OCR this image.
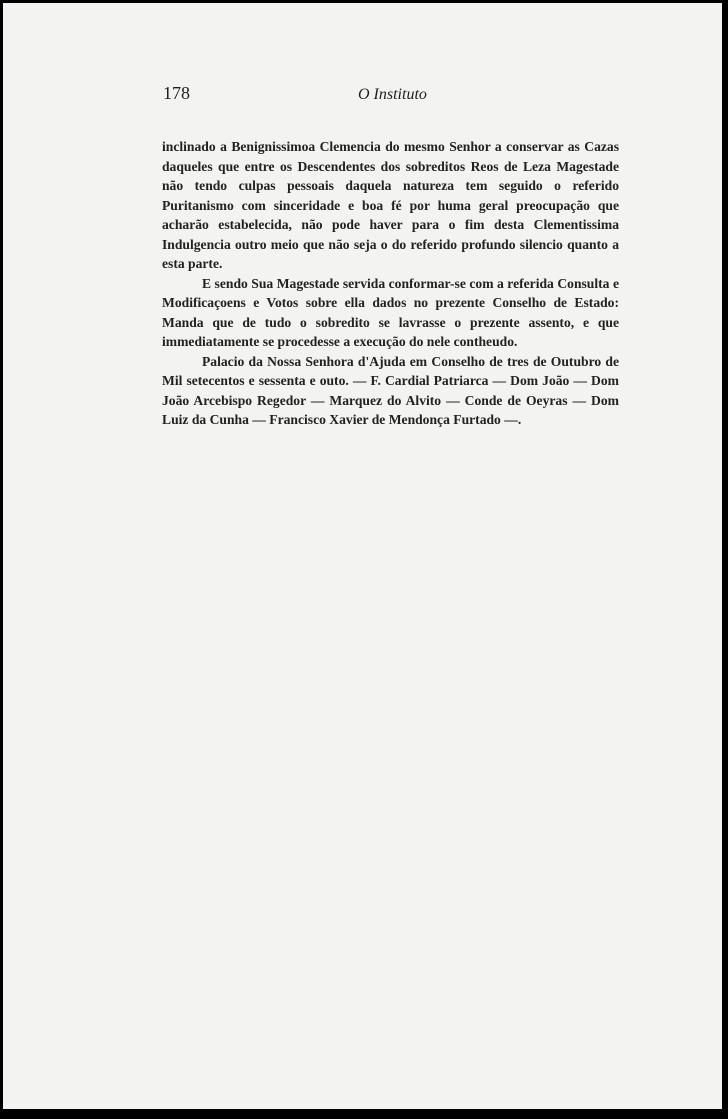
178	O Instituto

inclinado a Benignissimoa Clemencia do mesmo Senhor a conservar as Cazas daqueles que entre os Descendentes dos sobreditos Reos de Leza Magestade não tendo culpas pessoais daquela natureza tem seguido o referido Puritanismo com sinceridade e boa fé por huma geral preocupação que acharão estabelecida, não pode haver para o fim desta Clementissima Indulgencia outro meio que não seja o do referido profundo silencio quanto a esta parte.

E sendo Sua Magestade servida conformar-se com a referida Consulta e Modificaçoens e Votos sobre ella dados no prezente Conselho de Estado: Manda que de tudo o sobredito se lavrasse o prezente assento, e que immediatamente se procedesse a execução do nele contheudo.

Palacio da Nossa Senhora d'Ajuda em Conselho de tres de Outubro de Mil setecentos e sessenta e outo. — F. Cardial Patriarca — Dom João — Dom João Arcebispo Regedor — Marquez do Alvito — Conde de Oeyras — Dom Luiz da Cunha — Francisco Xavier de Mendonça Furtado —.
